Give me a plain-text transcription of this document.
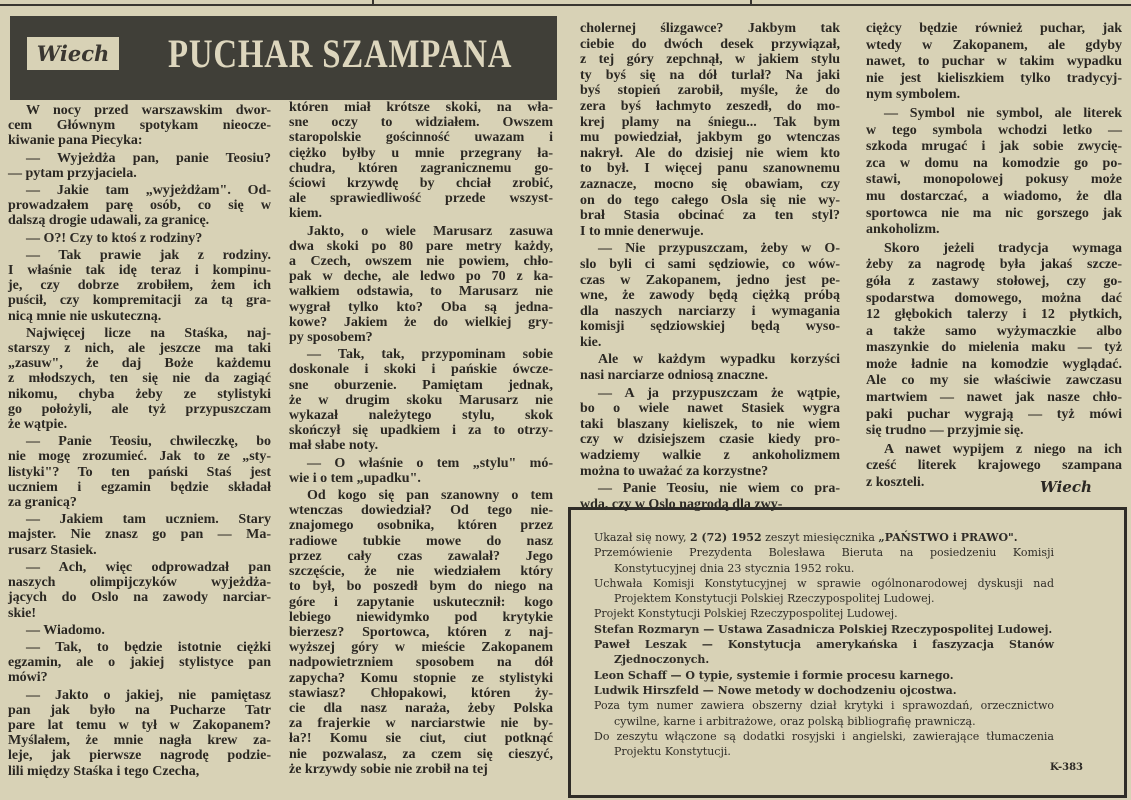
Wiech PUCHAR SZAMPANA
W nocy przed warszawskim dwor-
cem Głównym spotykam nieocze-
kiwanie pana Piecyka:
— Wyjeżdża pan, panie Teosiu?
— pytam przyjaciela.
— Jakie tam „wyjeżdżam". Od-
prowadzałem parę osób, co się w
dalszą drogie udawali, za granicę.
— O?! Czy to ktoś z rodziny?
— Tak prawie jak z rodziny.
I właśnie tak idę teraz i kompinu-
je, czy dobrze zrobiłem, żem ich
puścił, czy kompremitacji za tą gra-
nicą mnie nie uskuteczną.
Najwięcej licze na Staśka, naj-
starszy z nich, ale jeszcze ma taki
„zasuw", że daj Boże każdemu
z młodszych, ten się nie da zagiąć
nikomu, chyba żeby ze stylistyki
go położyli, ale tyż przypuszczam
że wątpie.
— Panie Teosiu, chwileczkę, bo
nie mogę zrozumieć. Jak to ze „sty-
listyki"? To ten pański Staś jest
uczniem i egzamin będzie składał
za granicą?
— Jakiem tam uczniem. Stary
majster. Nie znasz go pan — Ma-
rusarz Stasiek.
— Ach, więc odprowadzał pan
naszych olimpijczyków wyjeżdża-
jących do Oslo na zawody narciar-
skie!
— Wiadomo.
— Tak, to będzie istotnie ciężki
egzamin, ale o jakiej stylistyce pan
mówi?
— Jakto o jakiej, nie pamiętasz
pan jak było na Pucharze Tatr
pare lat temu w tył w Zakopanem?
Myślałem, że mnie nagła krew za-
leje, jak pierwsze nagrodę podzie-
lili między Staśka i tego Czecha,
któren miał krótsze skoki, na wła-
sne oczy to widziałem. Owszem
staropolskie gościnność uwazam i
ciężko byłby u mnie przegrany ła-
chudra, któren zagranicznemu go-
ściowi krzywdę by chciał zrobić,
ale sprawiedliwość przede wszyst-
kiem.
Jakto, o wiele Marusarz zasuwa
dwa skoki po 80 pare metry każdy,
a Czech, owszem nie powiem, chło-
pak w deche, ale ledwo po 70 z ka-
wałkiem odstawia, to Marusarz nie
wygrał tylko kto? Oba są jedna-
kowe? Jakiem że do wielkiej gry-
py sposobem?
— Tak, tak, przypominam sobie
doskonale i skoki i pańskie ówcze-
sne oburzenie. Pamiętam jednak,
że w drugim skoku Marusarz nie
wykazał należytego stylu, skok
skończył się upadkiem i za to otrzy-
mał słabe noty.
— O właśnie o tem „stylu" mó-
wie i o tem „upadku".
Od kogo się pan szanowny o tem
wtenczas dowiedział? Od tego nie-
znajomego osobnika, któren przez
radiowe tubkie mowe do nasz
przez cały czas zawalał? Jego
szczęście, że nie wiedziałem który
to był, bo poszedł bym do niego na
góre i zapytanie uskutecznił: kogo
lebiego niewidymko pod krytykie
bierzesz? Sportowca, któren z naj-
wyższej góry w mieście Zakopanem
nadpowietrzniem sposobem na dół
zapycha? Komu stopnie ze stylistyki
stawiasz? Chłopakowi, któren ży-
cie dla nasz naraża, żeby Polska
za frajerkie w narciarstwie nie by-
ła?! Komu sie ciut, ciut potknąć
nie pozwalasz, za czem się cieszyć,
że krzywdy sobie nie zrobił na tej
cholernej ślizgawce? Jakbym tak
ciebie do dwóch desek przywiązał,
z tej góry zepchnął, w jakiem stylu
ty byś się na dół turlał? Na jaki
byś stopień zarobił, myśle, że do
zera byś łachmyto zeszedł, do mo-
krej plamy na śniegu... Tak bym
mu powiedział, jakbym go wtenczas
nakrył. Ale do dzisiej nie wiem kto
to był. I więcej panu szanownemu
zaznacze, mocno się obawiam, czy
on do tego całego Osla się nie wy-
brał Stasia obcinać za ten styl?
I to mnie denerwuje.
— Nie przypuszczam, żeby w O-
slo byli ci sami sędziowie, co wów-
czas w Zakopanem, jedno jest pe-
wne, że zawody będą ciężką próbą
dla naszych narciarzy i wymagania
komisji sędziowskiej będą wyso-
kie.
Ale w każdym wypadku korzyści
nasi narciarze odniosą znaczne.
— A ja przypuszczam że wątpie,
bo o wiele nawet Stasiek wygra
taki blaszany kieliszek, to nie wiem
czy w dzisiejszem czasie kiedy pro-
wadziemy walkie z ankoholizmem
można to uważać za korzystne?
— Panie Teosiu, nie wiem co pra-
wda, czy w Oslo nagrodą dla zwy-
ciężcy będzie również puchar, jak
wtedy w Zakopanem, ale gdyby
nawet, to puchar w takim wypadku
nie jest kieliszkiem tylko tradycyj-
nym symbolem.
— Symbol nie symbol, ale literek
w tego symbola wchodzi letko —
szkoda mrugać i jak sobie zwycię-
zca w domu na komodzie go po-
stawi, monopolowej pokusy może
mu dostarczać, a wiadomo, że dla
sportowca nie ma nic gorszego jak
ankoholizm.
Skoro jeżeli tradycja wymaga
żeby za nagrodę była jakaś szcze-
góła z zastawy stołowej, czy go-
spodarstwa domowego, można dać
12 głębokich talerzy i 12 płytkich,
a także samo wyżymaczkie albo
maszynkie do mielenia maku — tyż
może ładnie na komodzie wyglądać.
Ale co my sie właściwie zawczasu
martwiem — nawet jak nasze chło-
paki puchar wygrają — tyż mówi
się trudno — przyjmie się.
A nawet wypijem z niego na ich
cześć literek krajowego szampana
z koszteli.	Wiech
Ukazał się nowy, 2 (72) 1952 zeszyt miesięcznika „PAŃSTWO i PRAWO".
Przemówienie Prezydenta Bolesława Bieruta na posiedzeniu Komisji Konstytucyjnej dnia 23 stycznia 1952 roku.
Uchwała Komisji Konstytucyjnej w sprawie ogólnonarodowej dyskusji nad Projektem Konstytucji Polskiej Rzeczypospolitej Ludowej.
Projekt Konstytucji Polskiej Rzeczypospolitej Ludowej.
Stefan Rozmaryn — Ustawa Zasadnicza Polskiej Rzeczypospolitej Ludowej.
Paweł Leszak — Konstytucja amerykańska i faszyzacja Stanów Zjednoczonych.
Leon Schaff — O typie, systemie i formie procesu karnego.
Ludwik Hirszfeld — Nowe metody w dochodzeniu ojcostwa.
Poza tym numer zawiera obszerny dział krytyki i sprawozdań, orzecznictwo cywilne, karne i arbitrażowe, oraz polską bibliografię prawniczą.
Do zeszytu włączone są dodatki rosyjski i angielski, zawierające tłumaczenia Projektu Konstytucji.
K-383
